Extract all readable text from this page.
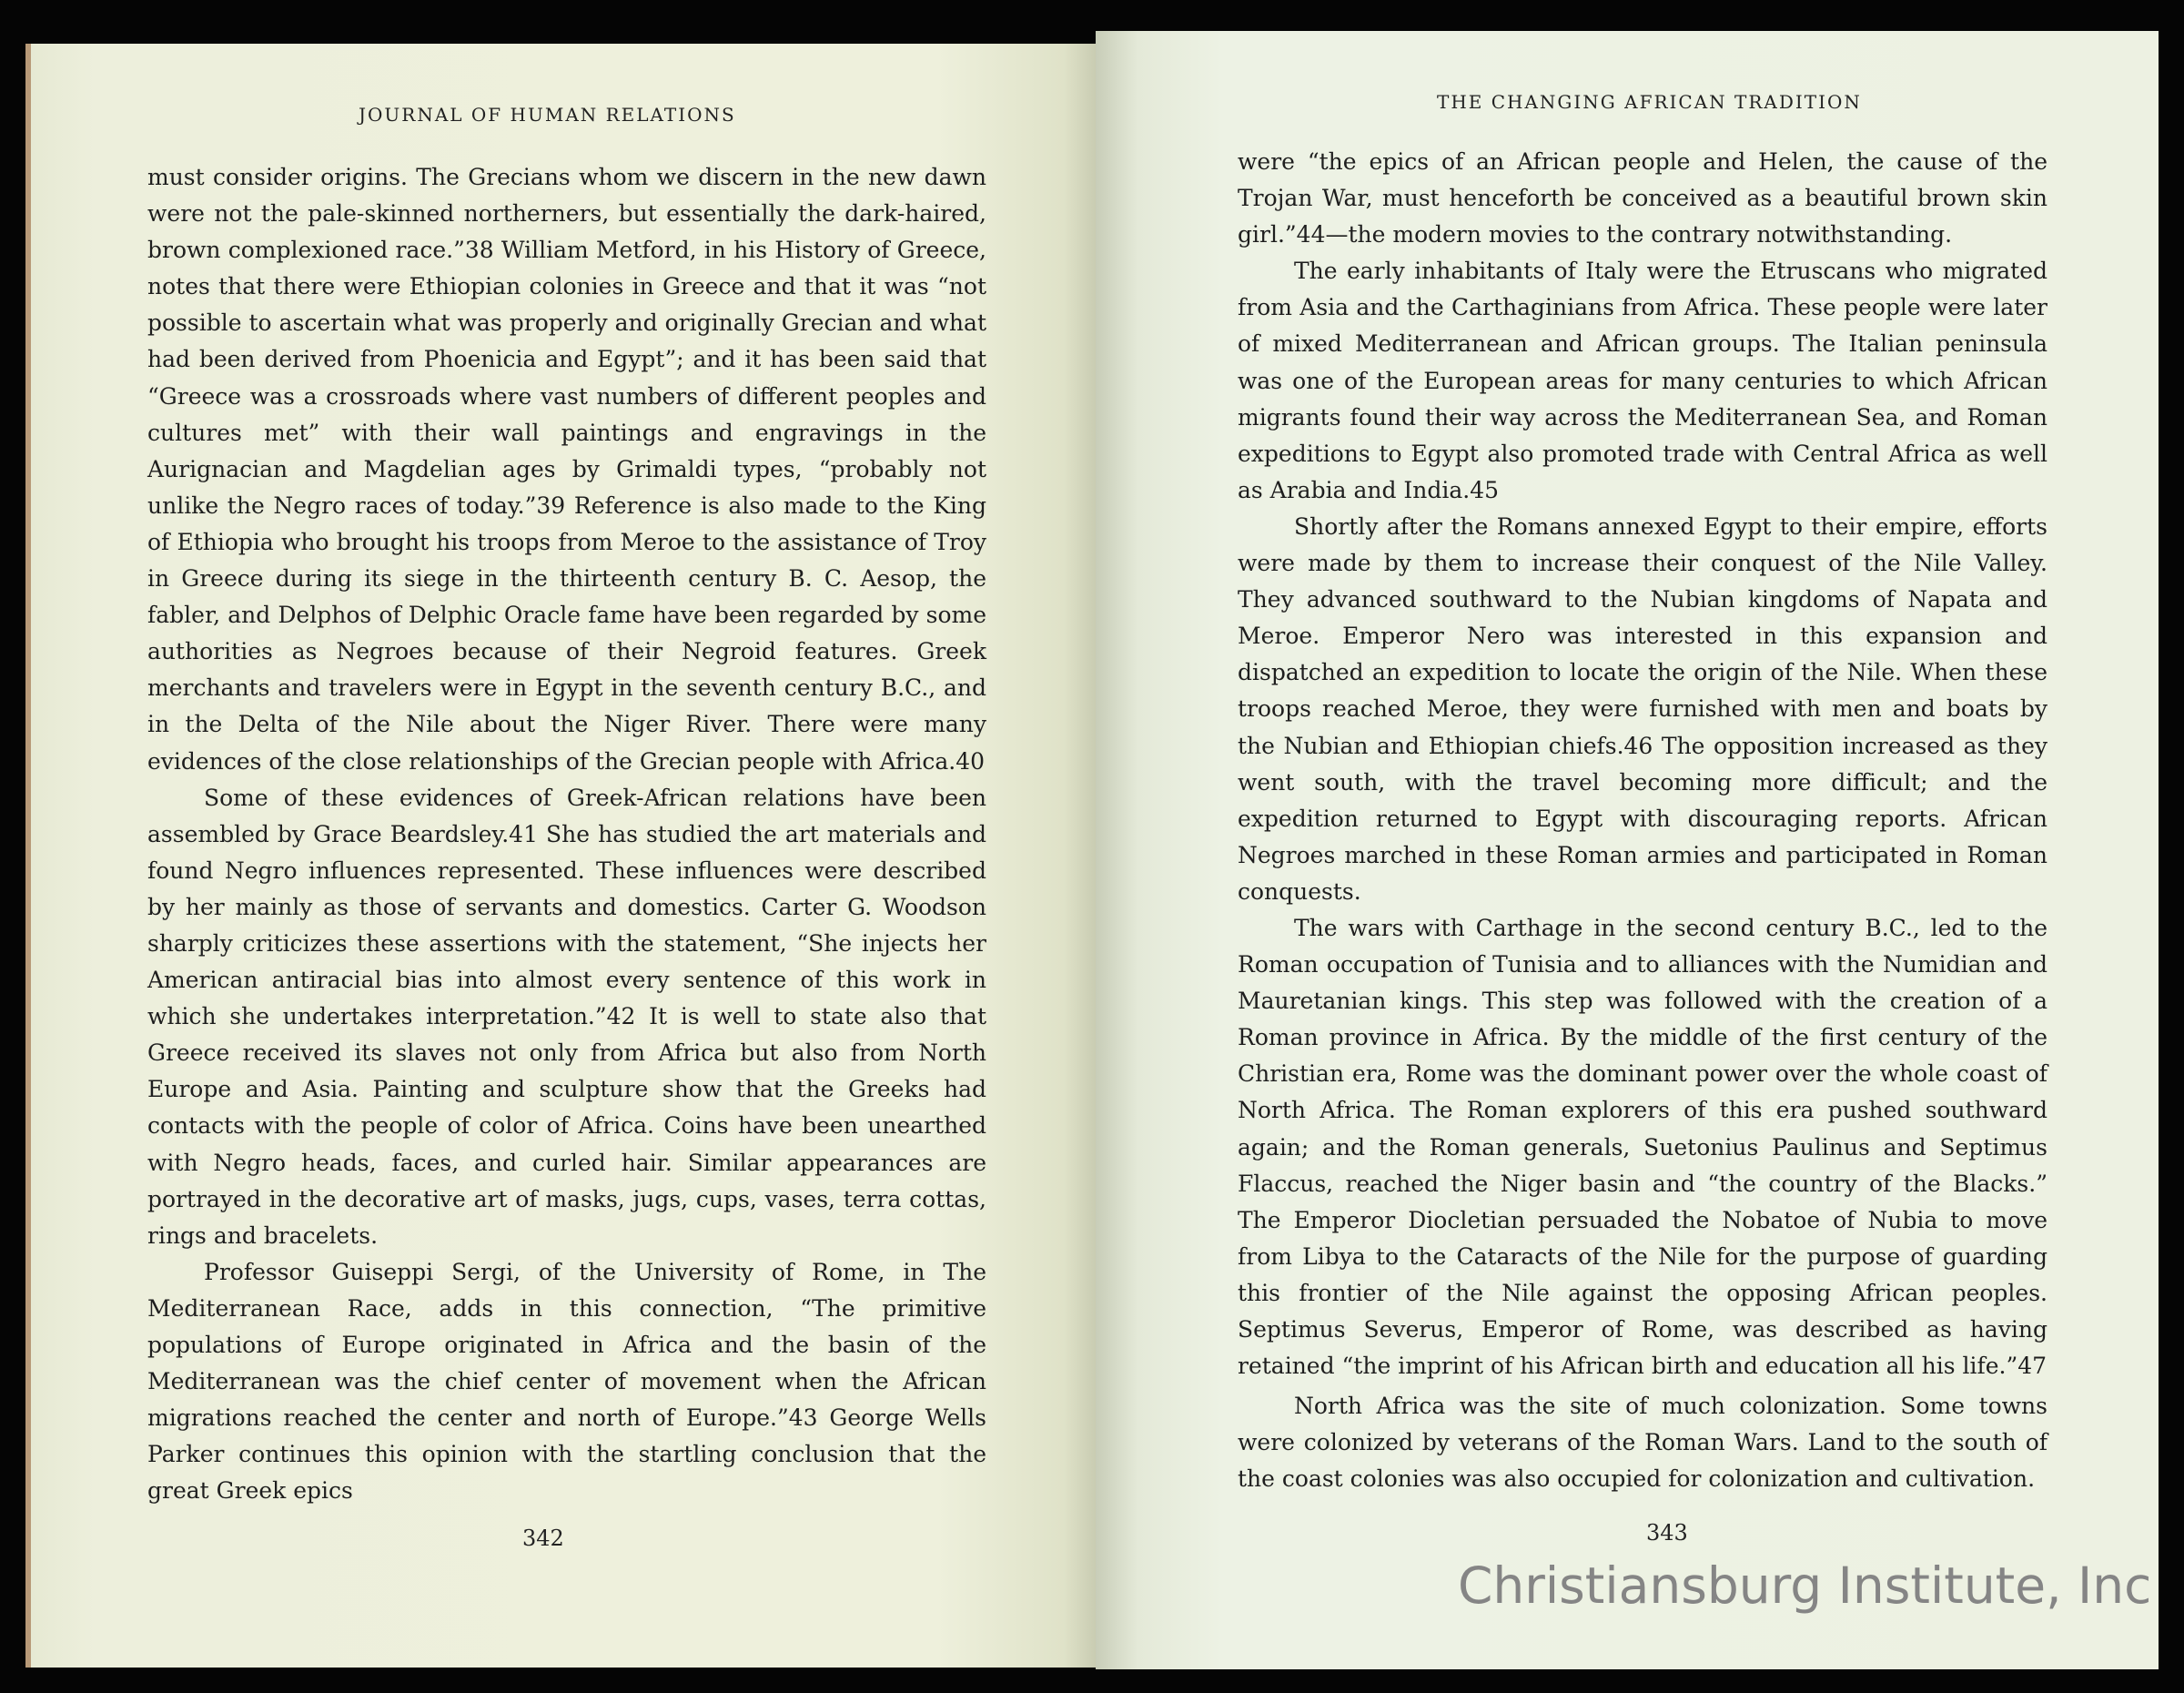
JOURNAL OF HUMAN RELATIONS

must consider origins. The Grecians whom we discern in the new dawn were not the pale-skinned northerners, but essentially the dark-haired, brown complexioned race.”38 William Metford, in his History of Greece, notes that there were Ethiopian colonies in Greece and that it was “not possible to ascertain what was properly and originally Grecian and what had been derived from Phoenicia and Egypt”; and it has been said that “Greece was a crossroads where vast numbers of different peoples and cultures met” with their wall paintings and engravings in the Aurignacian and Magdelian ages by Grimaldi types, “probably not unlike the Negro races of today.”39 Reference is also made to the King of Ethiopia who brought his troops from Meroe to the assistance of Troy in Greece during its siege in the thirteenth century B. C. Aesop, the fabler, and Delphos of Delphic Oracle fame have been regarded by some authorities as Negroes because of their Negroid features. Greek merchants and travelers were in Egypt in the seventh century B.C., and in the Delta of the Nile about the Niger River. There were many evidences of the close relationships of the Grecian people with Africa.40

Some of these evidences of Greek-African relations have been assembled by Grace Beardsley.41 She has studied the art materials and found Negro influences represented. These influences were described by her mainly as those of servants and domestics. Carter G. Woodson sharply criticizes these assertions with the statement, “She injects her American antiracial bias into almost every sentence of this work in which she undertakes interpretation.”42 It is well to state also that Greece received its slaves not only from Africa but also from North Europe and Asia. Painting and sculpture show that the Greeks had contacts with the people of color of Africa. Coins have been unearthed with Negro heads, faces, and curled hair. Similar appearances are portrayed in the decorative art of masks, jugs, cups, vases, terra cottas, rings and bracelets.

Professor Guiseppi Sergi, of the University of Rome, in The Mediterranean Race, adds in this connection, “The primitive populations of Europe originated in Africa and the basin of the Mediterranean was the chief center of movement when the African migrations reached the center and north of Europe.”43 George Wells Parker continues this opinion with the startling conclusion that the great Greek epics

342
THE CHANGING AFRICAN TRADITION

were “the epics of an African people and Helen, the cause of the Trojan War, must henceforth be conceived as a beautiful brown skin girl.”44—the modern movies to the contrary notwithstanding.

The early inhabitants of Italy were the Etruscans who migrated from Asia and the Carthaginians from Africa. These people were later of mixed Mediterranean and African groups. The Italian peninsula was one of the European areas for many centuries to which African migrants found their way across the Mediterranean Sea, and Roman expeditions to Egypt also promoted trade with Central Africa as well as Arabia and India.45

Shortly after the Romans annexed Egypt to their empire, efforts were made by them to increase their conquest of the Nile Valley. They advanced southward to the Nubian kingdoms of Napata and Meroe. Emperor Nero was interested in this expansion and dispatched an expedition to locate the origin of the Nile. When these troops reached Meroe, they were furnished with men and boats by the Nubian and Ethiopian chiefs.46 The opposition increased as they went south, with the travel becoming more difficult; and the expedition returned to Egypt with discouraging reports. African Negroes marched in these Roman armies and participated in Roman conquests.

The wars with Carthage in the second century B.C., led to the Roman occupation of Tunisia and to alliances with the Numidian and Mauretanian kings. This step was followed with the creation of a Roman province in Africa. By the middle of the first century of the Christian era, Rome was the dominant power over the whole coast of North Africa. The Roman explorers of this era pushed southward again; and the Roman generals, Suetonius Paulinus and Septimus Flaccus, reached the Niger basin and “the country of the Blacks.” The Emperor Diocletian persuaded the Nobatoe of Nubia to move from Libya to the Cataracts of the Nile for the purpose of guarding this frontier of the Nile against the opposing African peoples. Septimus Severus, Emperor of Rome, was described as having retained “the imprint of his African birth and education all his life.”47

North Africa was the site of much colonization. Some towns were colonized by veterans of the Roman Wars. Land to the south of the coast colonies was also occupied for colonization and cultivation.

343
Christiansburg Institute, Inc
